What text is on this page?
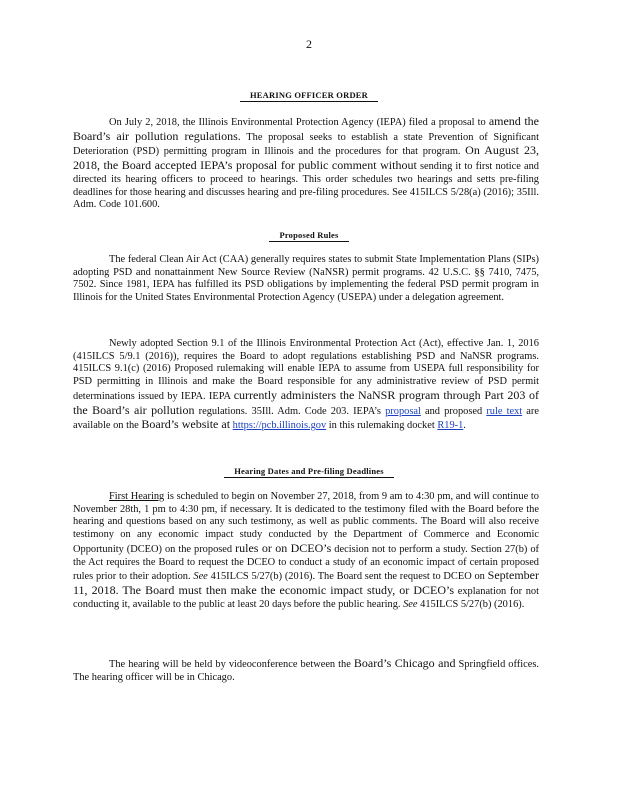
2
HEARING OFFICER ORDER

On July 2, 2018, the Illinois Environmental Protection Agency (IEPA) filed a proposal to amend the Board’s air pollution regulations. The proposal seeks to establish a state Prevention of Significant Deterioration (PSD) permitting program in Illinois and the procedures for that program. On August 23, 2018, the Board accepted IEPA’s proposal for public comment without sending it to first notice and directed its hearing officers to proceed to hearings. This order schedules two hearings and setts pre-filing deadlines for those hearing and discusses hearing and pre-filing procedures. See 415ILCS 5/28(a) (2016); 35Ill. Adm. Code 101.600.

Proposed Rules

The federal Clean Air Act (CAA) generally requires states to submit State Implementation Plans (SIPs) adopting PSD and nonattainment New Source Review (NaNSR) permit programs. 42 U.S.C. §§ 7410, 7475, 7502. Since 1981, IEPA has fulfilled its PSD obligations by implementing the federal PSD permit program in Illinois for the United States Environmental Protection Agency (USEPA) under a delegation agreement.

Newly adopted Section 9.1 of the Illinois Environmental Protection Act (Act), effective Jan. 1, 2016 (415ILCS 5/9.1 (2016)), requires the Board to adopt regulations establishing PSD and NaNSR programs. 415ILCS 9.1(c) (2016) Proposed rulemaking will enable IEPA to assume from USEPA full responsibility for PSD permitting in Illinois and make the Board responsible for any administrative review of PSD permit determinations issued by IEPA. IEPA currently administers the NaNSR program through Part 203 of the Board’s air pollution regulations. 35Ill. Adm. Code 203. IEPA’s proposal and proposed rule text are available on the Board’s website at https://pcb.illinois.gov in this rulemaking docket R19-1.

Hearing Dates and Pre-filing Deadlines

First Hearing is scheduled to begin on November 27, 2018, from 9 am to 4:30 pm, and will continue to November 28th, 1 pm to 4:30 pm, if necessary. It is dedicated to the testimony filed with the Board before the hearing and questions based on any such testimony, as well as public comments. The Board will also receive testimony on any economic impact study conducted by the Department of Commerce and Economic Opportunity (DCEO) on the proposed rules or on DCEO’s decision not to perform a study. Section 27(b) of the Act requires the Board to request the DCEO to conduct a study of an economic impact of certain proposed rules prior to their adoption. See 415ILCS 5/27(b) (2016). The Board sent the request to DCEO on September 11, 2018. The Board must then make the economic impact study, or DCEO’s explanation for not conducting it, available to the public at least 20 days before the public hearing. See 415ILCS 5/27(b) (2016).

The hearing will be held by videoconference between the Board’s Chicago and Springfield offices. The hearing officer will be in Chicago.
